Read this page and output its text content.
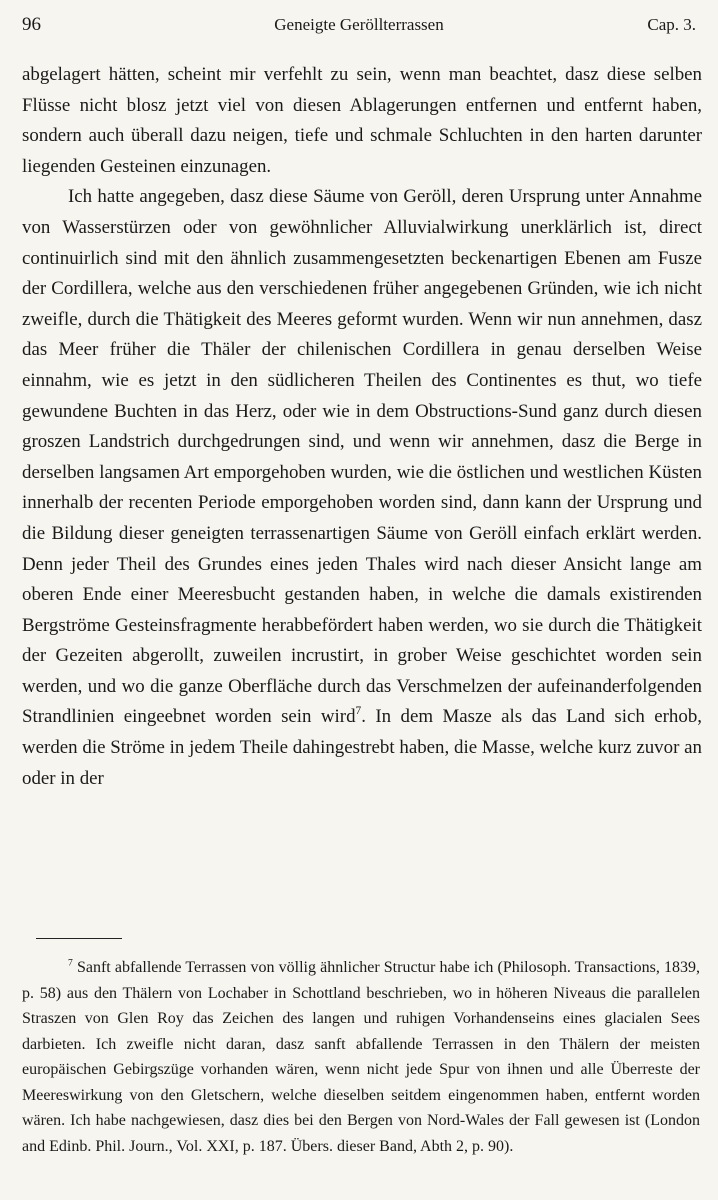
96	Geneigte Geröllterrassen	Cap. 3.

abgelagert hätten, scheint mir verfehlt zu sein, wenn man beachtet, dasz diese selben Flüsse nicht blosz jetzt viel von diesen Ablagerungen entfernen und entfernt haben, sondern auch überall dazu neigen, tiefe und schmale Schluchten in den harten darunter liegenden Gesteinen einzunagen.

Ich hatte angegeben, dasz diese Säume von Geröll, deren Ursprung unter Annahme von Wasserstürzen oder von gewöhnlicher Alluvialwirkung unerklärlich ist, direct continuirlich sind mit den ähnlich zusammengesetzten beckenartigen Ebenen am Fusze der Cordillera, welche aus den verschiedenen früher angegebenen Gründen, wie ich nicht zweifle, durch die Thätigkeit des Meeres geformt wurden. Wenn wir nun annehmen, dasz das Meer früher die Thäler der chilenischen Cordillera in genau derselben Weise einnahm, wie es jetzt in den südlicheren Theilen des Continentes es thut, wo tiefe gewundene Buchten in das Herz, oder wie in dem Obstructions-Sund ganz durch diesen groszen Landstrich durchgedrungen sind, und wenn wir annehmen, dasz die Berge in derselben langsamen Art emporgehoben wurden, wie die östlichen und westlichen Küsten innerhalb der recenten Periode emporgehoben worden sind, dann kann der Ursprung und die Bildung dieser geneigten terrassenartigen Säume von Geröll einfach erklärt werden. Denn jeder Theil des Grundes eines jeden Thales wird nach dieser Ansicht lange am oberen Ende einer Meeresbucht gestanden haben, in welche die damals existirenden Bergströme Gesteinsfragmente herabbefördert haben werden, wo sie durch die Thätigkeit der Gezeiten abgerollt, zuweilen incrustirt, in grober Weise geschichtet worden sein werden, und wo die ganze Oberfläche durch das Verschmelzen der aufeinanderfolgenden Strandlinien eingeebnet worden sein wird$^7$. In dem Masze als das Land sich erhob, werden die Ströme in jedem Theile dahingestrebt haben, die Masse, welche kurz zuvor an oder in der

$^7$ Sanft abfallende Terrassen von völlig ähnlicher Structur habe ich (Philosoph. Transactions, 1839, p. 58) aus den Thälern von Lochaber in Schottland beschrieben, wo in höheren Niveaus die parallelen Straszen von Glen Roy das Zeichen des langen und ruhigen Vorhandenseins eines glacialen Sees darbieten. Ich zweifle nicht daran, dasz sanft abfallende Terrassen in den Thälern der meisten europäischen Gebirgszüge vorhanden wären, wenn nicht jede Spur von ihnen und alle Überreste der Meereswirkung von den Gletschern, welche dieselben seitdem eingenommen haben, entfernt worden wären. Ich habe nachgewiesen, dasz dies bei den Bergen von Nord-Wales der Fall gewesen ist (London and Edinb. Phil. Journ., Vol. XXI, p. 187. Übers. dieser Band, Abth 2, p. 90).
